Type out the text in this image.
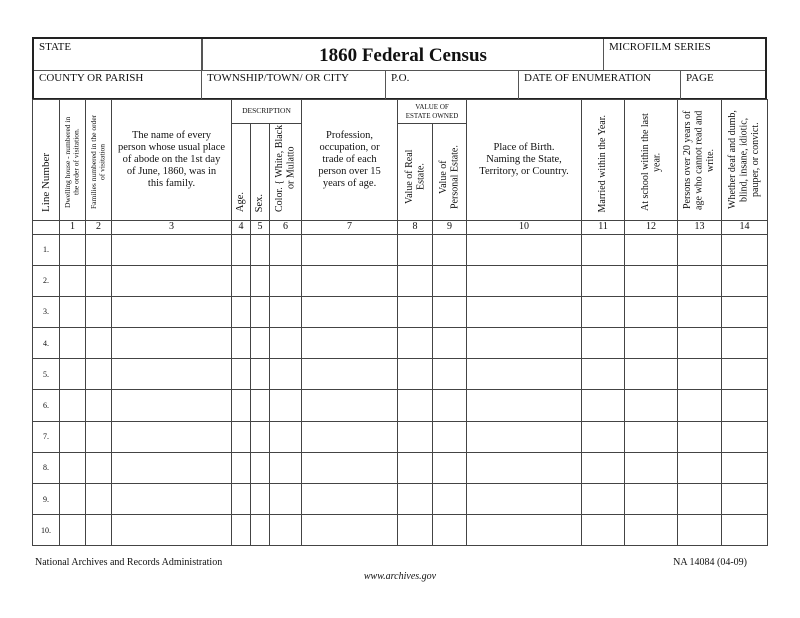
STATE	1860 Federal Census	MICROFILM SERIES
COUNTY OR PARISH	TOWNSHIP/TOWN/ OR CITY	P.O.	DATE OF ENUMERATION	PAGE
Line Number	Dwelling house - numbered in the order of visitation.	Families numbered in the order of visitation	The name of every person whose usual place of abode on the 1st day of June, 1860, was in this family.	DESCRIPTION			Profession, occupation, or trade of each person over 15 years of age.	VALUE OF ESTATE OWNED		Place of Birth. Naming the State, Territory, or Country.	Married within the Year.	At school within the last year.	Persons over 20 years of age who cannot read and write.	Whether deaf and dumb, blind, insane, idiotic, pauper, or convict.
				Age.	Sex.	Color. { White, Black or Mulatto		Value of Real Estate.	Value of Personal Estate.					
	1	2	3	4	5	6	7	8	9	10	11	12	13	14
1.														
2.														
3.														
4.														
5.														
6.														
7.														
8.														
9.														
10.														
National Archives and Records Administration	NA 14084 (04-09)
www.archives.gov
